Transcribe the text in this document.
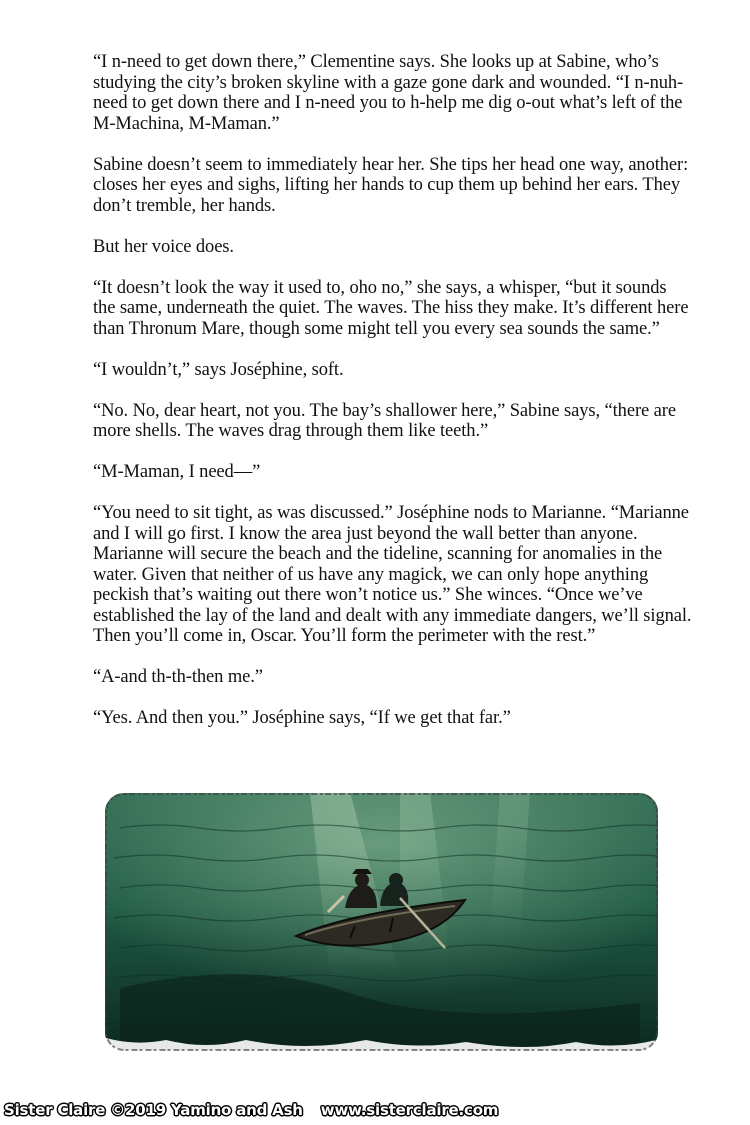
“I n-need to get down there,” Clementine says. She looks up at Sabine, who’s studying the city’s broken skyline with a gaze gone dark and wounded. “I n-nuh-need to get down there and I n-need you to h-help me dig o-out what’s left of the M-Machina, M-Maman.”

Sabine doesn’t seem to immediately hear her. She tips her head one way, another: closes her eyes and sighs, lifting her hands to cup them up behind her ears. They don’t tremble, her hands.

But her voice does.

“It doesn’t look the way it used to, oho no,” she says, a whisper, “but it sounds the same, underneath the quiet. The waves. The hiss they make. It’s different here than Thronum Mare, though some might tell you every sea sounds the same.”

“I wouldn’t,” says Joséphine, soft.

“No. No, dear heart, not you. The bay’s shallower here,” Sabine says, “there are more shells. The waves drag through them like teeth.”

“M-Maman, I need—”

“You need to sit tight, as was discussed.” Joséphine nods to Marianne. “Marianne and I will go first. I know the area just beyond the wall better than anyone. Marianne will secure the beach and the tideline, scanning for anomalies in the water. Given that neither of us have any magick, we can only hope anything peckish that’s waiting out there won’t notice us.” She winces. “Once we’ve established the lay of the land and dealt with any immediate dangers, we’ll signal. Then you’ll come in, Oscar. You’ll form the perimeter with the rest.”

“A-and th-th-then me.”

“Yes. And then you.” Joséphine says, “If we get that far.”

Sister Claire ©2019 Yamino and Ash www.sisterclaire.com
